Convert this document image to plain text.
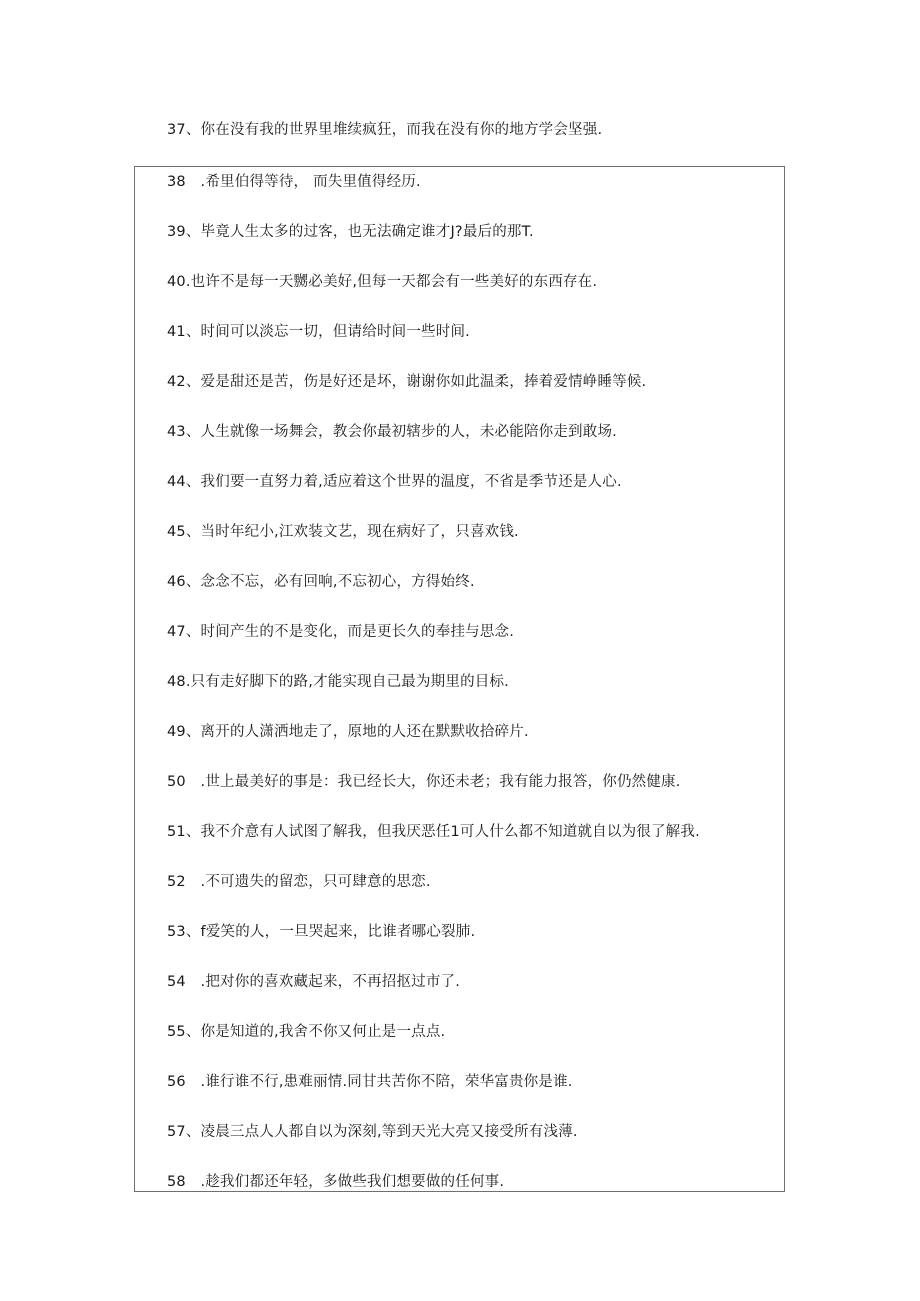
37、你在没有我的世界里堆续疯狂，而我在没有你的地方学会坚强.
38　.希里伯得等待， 而失里值得经历.
39、毕竟人生太多的过客，也无法确定谁才J?最后的那T.
40.也许不是每一天嬲必美好,但每一天都会有一些美好的东西存在.
41、时间可以淡忘一切，但请给时间一些时间.
42、爱是甜还是苦，伤是好还是坏，谢谢你如此温柔，捧着爱情峥睡等候.
43、人生就像一场舞会，教会你最初辖步的人，未必能陪你走到敢场.
44、我们要一直努力着,适应着这个世界的温度，不省是季节还是人心.
45、当时年纪小,江欢装文艺，现在病好了，只喜欢钱.
46、念念不忘，必有回响,不忘初心，方得始终.
47、时间产生的不是变化，而是更长久的奉挂与思念.
48.只有走好脚下的路,才能实现自己最为期里的目标.
49、离开的人潇洒地走了，原地的人还在默默收拾碎片.
50　.世上最美好的事是：我已经长大，你还未老；我有能力报答，你仍然健康.
51、我不介意有人试图了解我，但我厌恶任1可人什么都不知道就自以为很了解我.
52　.不可遗失的留恋，只可肆意的思恋.
53、f爱笑的人，一旦哭起来，比谁者哪心裂肺.
54　.把对你的喜欢藏起来，不再招抠过市了.
55、你是知道的,我舍不你又何止是一点点.
56　.谁行谁不行,患难丽情.同甘共苦你不陪，荣华富贵你是谁.
57、凌晨三点人人都自以为深刻,等到天光大亮又接受所有浅薄.
58　.趁我们都还年轻，多做些我们想要做的任何事.
